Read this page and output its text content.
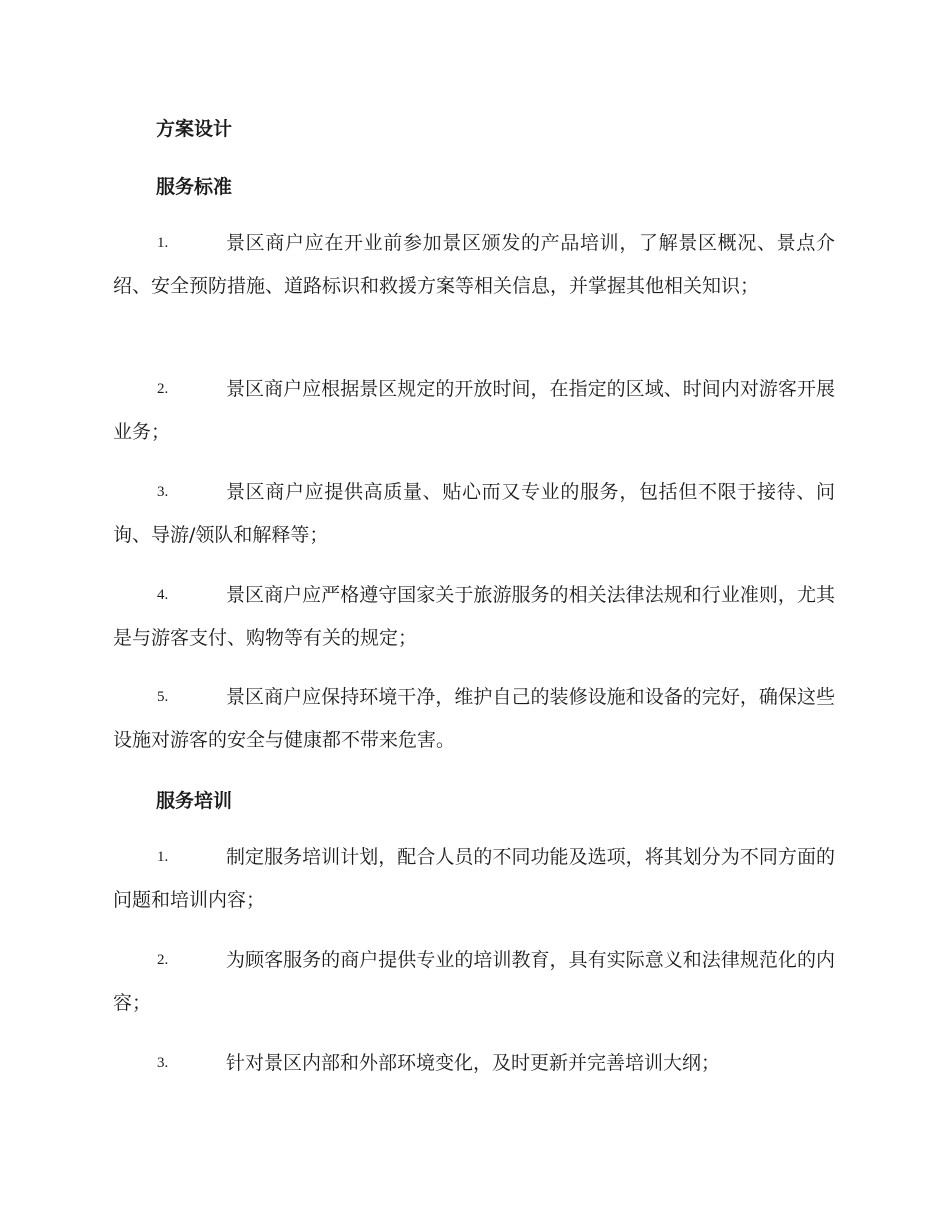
方案设计
服务标准
1.	景区商户应在开业前参加景区颁发的产品培训，了解景区概况、景点介绍、安全预防措施、道路标识和救援方案等相关信息，并掌握其他相关知识；
2.	景区商户应根据景区规定的开放时间，在指定的区域、时间内对游客开展业务；
3.	景区商户应提供高质量、贴心而又专业的服务，包括但不限于接待、问询、导游/领队和解释等；
4.	景区商户应严格遵守国家关于旅游服务的相关法律法规和行业准则，尤其是与游客支付、购物等有关的规定；
5.	景区商户应保持环境干净，维护自己的装修设施和设备的完好，确保这些设施对游客的安全与健康都不带来危害。
服务培训
1.	制定服务培训计划，配合人员的不同功能及选项，将其划分为不同方面的问题和培训内容；
2.	为顾客服务的商户提供专业的培训教育，具有实际意义和法律规范化的内容；
3.	针对景区内部和外部环境变化，及时更新并完善培训大纲；
